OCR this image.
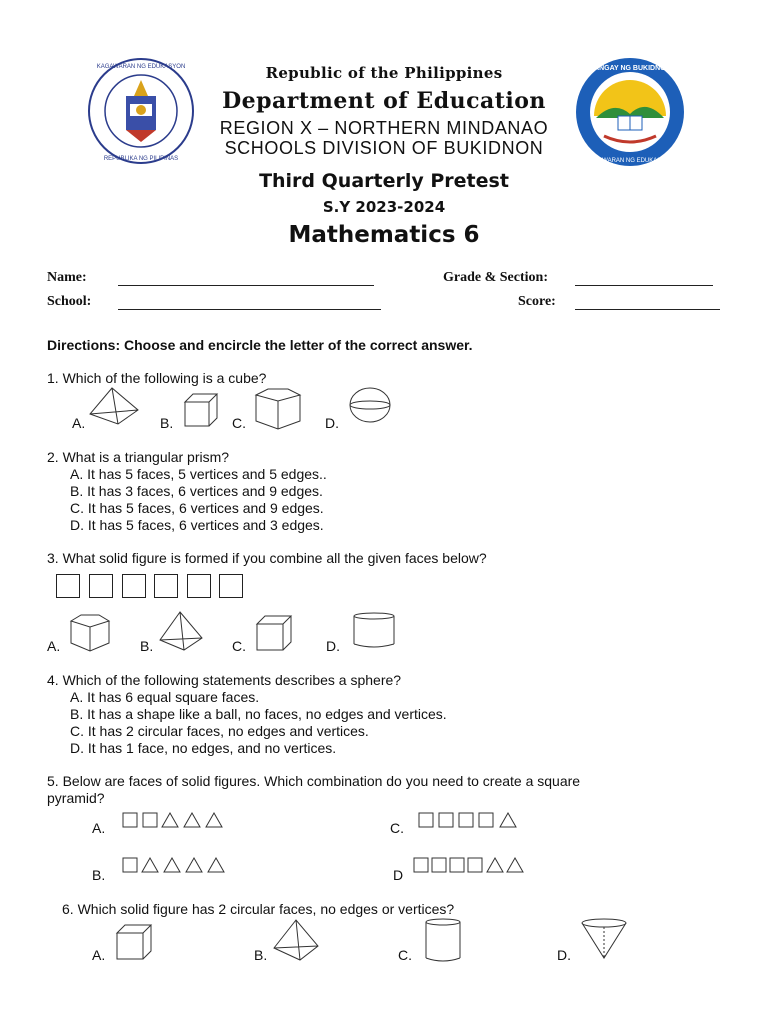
KAGAWARAN NG EDUKASYON
REPUBLIKA NG PILIPINAS
SANGAY NG BUKIDNON
KAGAWARAN NG EDUKASYON
Republic of the Philippines
Department of Education
REGION X – NORTHERN MINDANAO
SCHOOLS DIVISION OF BUKIDNON
Third Quarterly Pretest
S.Y 2023-2024
Mathematics 6
Name:	Grade & Section:
School:	Score:
Directions: Choose and encircle the letter of the correct answer.
1. Which of the following is a cube?
A.	B.	C.	D.
2. What is a triangular prism?
A. It has 5 faces, 5 vertices and 5 edges..
B. It has 3 faces, 6 vertices and 9 edges.
C. It has 5 faces, 6 vertices and 9 edges.
D. It has 5 faces, 6 vertices and 3 edges.
3. What solid figure is formed if you combine all the given faces below?
A.	B.	C.	D.
4. Which of the following statements describes a sphere?
A. It has 6 equal square faces.
B. It has a shape like a ball, no faces, no edges and vertices.
C. It has 2 circular faces, no edges and vertices.
D. It has 1 face, no edges, and no vertices.
5. Below are faces of solid figures. Which combination do you need to create a square
pyramid?
A.	C.
B.	D
6. Which solid figure has 2 circular faces, no edges or vertices?
A.	B.	C.	D.
